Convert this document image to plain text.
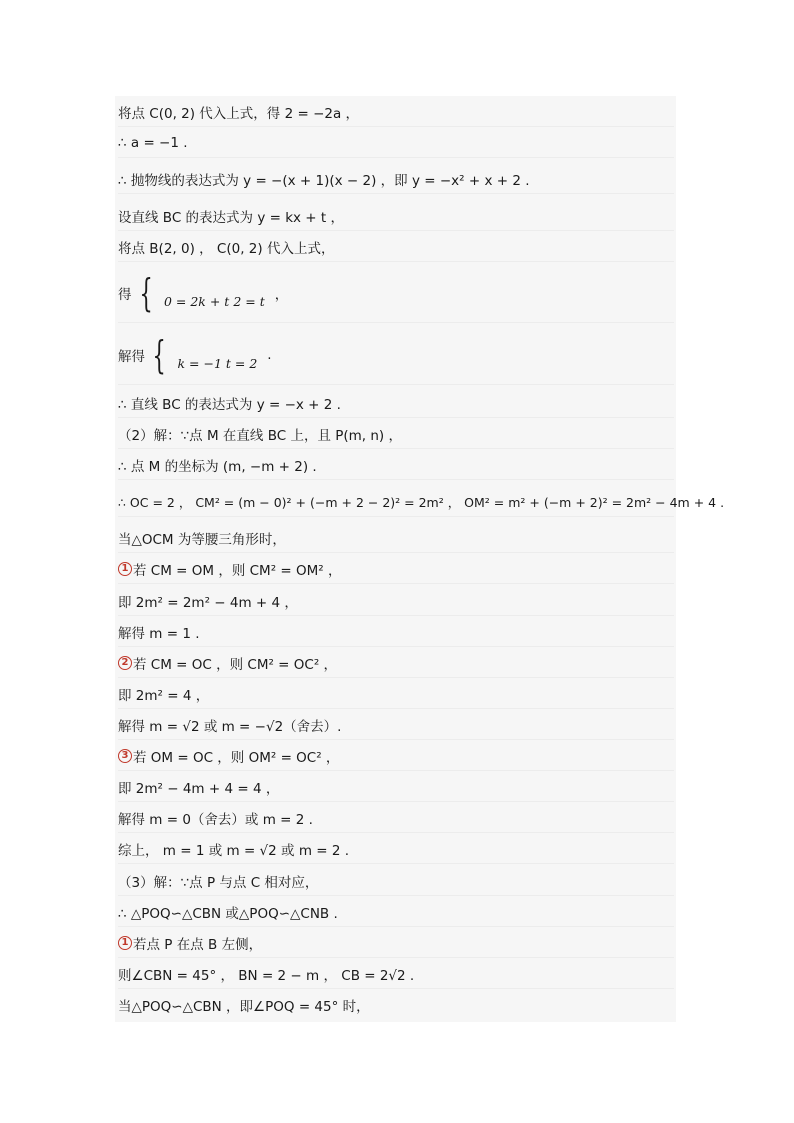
将点 C(0, 2) 代入上式，得 2 = −2a ，
∴ a = −1 .
∴ 抛物线的表达式为 y = −(x + 1)(x − 2) ，即 y = −x² + x + 2 .
设直线 BC 的表达式为 y = kx + t ，
将点 B(2, 0) ， C(0, 2) 代入上式，
得 { 0 = 2k + t 2 = t ，
解得 { k = −1 t = 2
.
∴ 直线 BC 的表达式为 y = −x + 2 .
（2）解：∵点 M 在直线 BC 上，且 P(m, n) ，
∴ 点 M 的坐标为 (m, −m + 2) .
∴ OC = 2 ， CM² = (m − 0)² + (−m + 2 − 2)² = 2m² ， OM² = m² + (−m + 2)² = 2m² − 4m + 4 .
当△OCM 为等腰三角形时，
1 若 CM = OM ，则 CM² = OM² ，
即 2m² = 2m² − 4m + 4 ，
解得 m = 1 .
2 若 CM = OC ，则 CM² = OC² ，
即 2m² = 4 ，
解得 m = √2 或 m = −√2（舍去）.
3 若 OM = OC ，则 OM² = OC² ，
即 2m² − 4m + 4 = 4 ，
解得 m = 0（舍去）或 m = 2 .
综上， m = 1 或 m = √2 或 m = 2 .
（3）解：∵点 P 与点 C 相对应，
∴ △POQ∽△CBN 或△POQ∽△CNB .
1 若点 P 在点 B 左侧，
则∠CBN = 45° ， BN = 2 − m ， CB = 2√2 .
当△POQ∽△CBN ，即∠POQ = 45° 时，
